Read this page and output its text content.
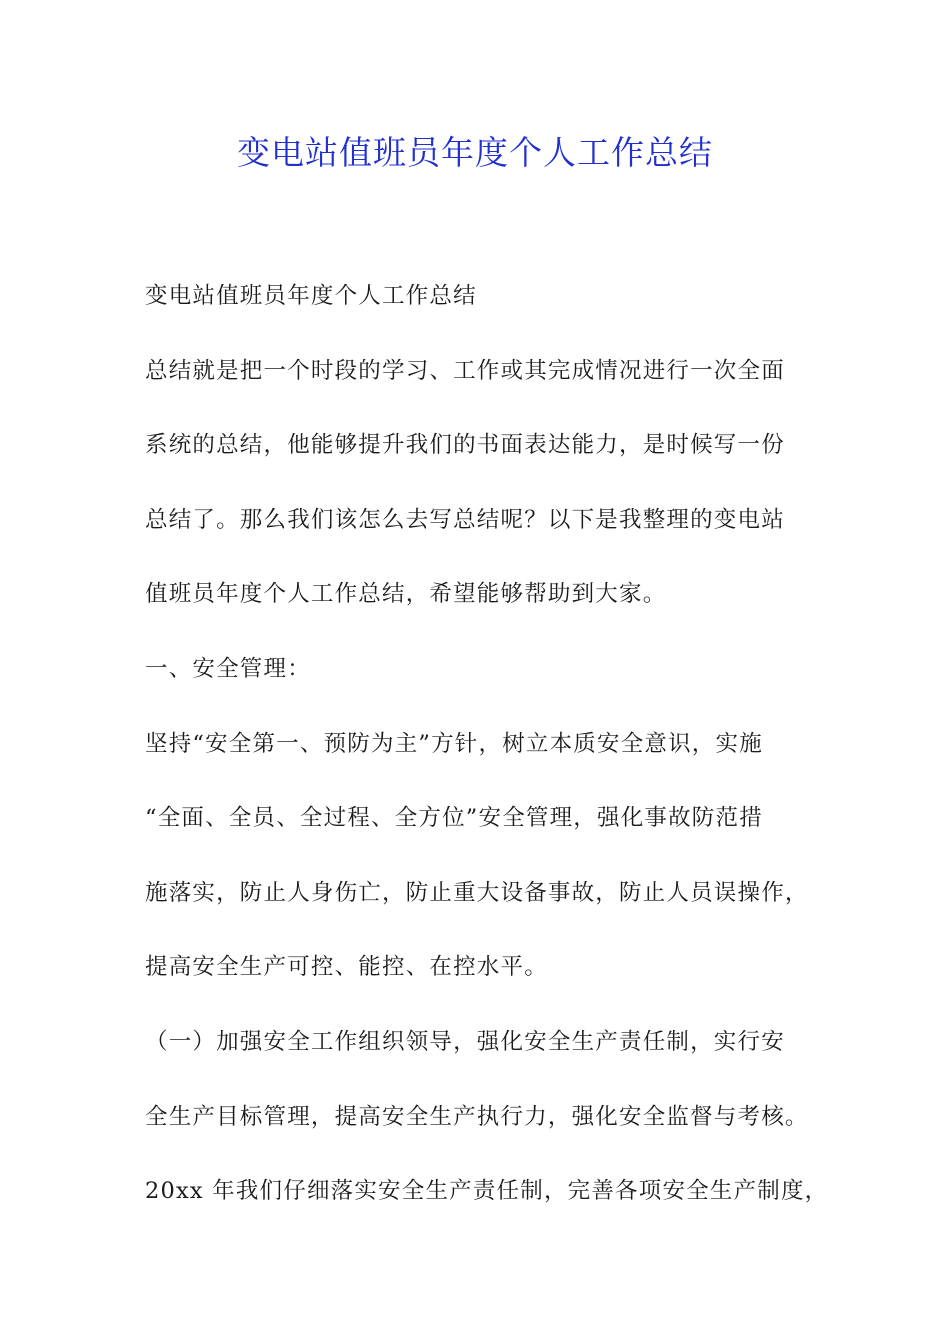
变电站值班员年度个人工作总结
变电站值班员年度个人工作总结
总结就是把一个时段的学习、工作或其完成情况进行一次全面
系统的总结，他能够提升我们的书面表达能力，是时候写一份
总结了。那么我们该怎么去写总结呢？以下是我整理的变电站
值班员年度个人工作总结，希望能够帮助到大家。
一、安全管理：
坚持“安全第一、预防为主”方针，树立本质安全意识，实施
“全面、全员、全过程、全方位”安全管理，强化事故防范措
施落实，防止人身伤亡，防止重大设备事故，防止人员误操作，
提高安全生产可控、能控、在控水平。
（一）加强安全工作组织领导，强化安全生产责任制，实行安
全生产目标管理，提高安全生产执行力，强化安全监督与考核。
20xx 年我们仔细落实安全生产责任制，完善各项安全生产制度，
